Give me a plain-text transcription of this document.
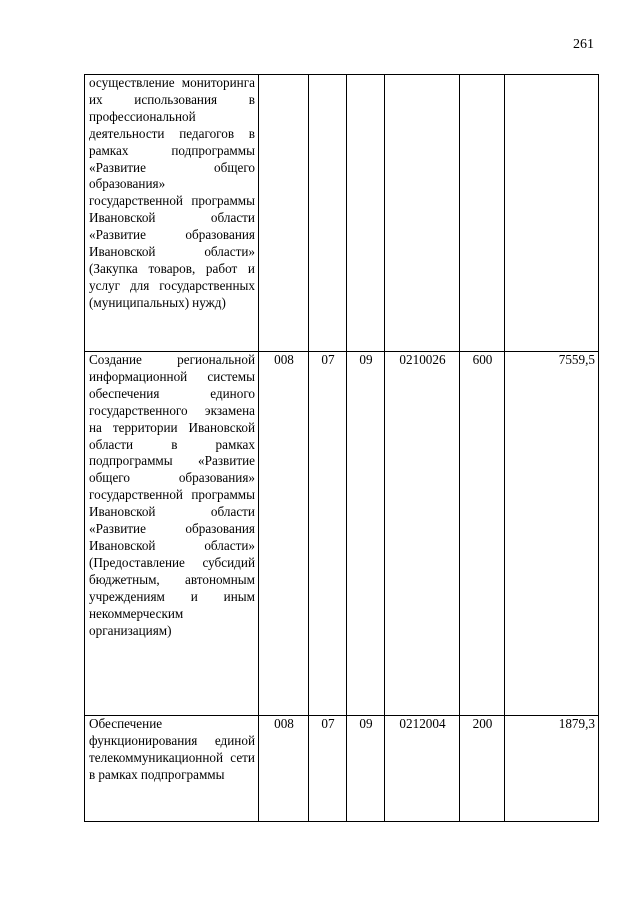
261
осуществление мониторинга их использования в профессиональной деятельности педагогов в рамках подпрограммы «Развитие общего образования» государственной программы Ивановской области «Развитие образования Ивановской области» (Закупка товаров, работ и услуг для государственных (муниципальных) нужд)						
Создание региональной информационной системы обеспечения единого государственного экзамена на территории Ивановской области в рамках подпрограммы «Развитие общего образования» государственной программы Ивановской области «Развитие образования Ивановской области» (Предоставление субсидий бюджетным, автономным учреждениям и иным некоммерческим организациям)	008	07	09	0210026	600	7559,5
Обеспечение функционирования единой телекоммуникационной сети в рамках подпрограммы	008	07	09	0212004	200	1879,3
